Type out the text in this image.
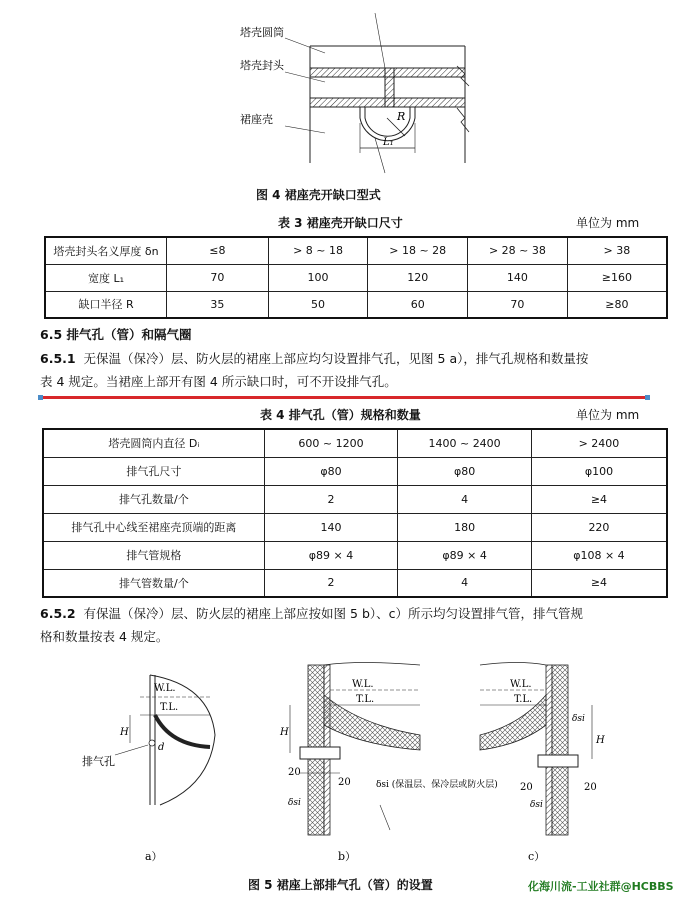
塔壳圆筒
塔壳封头
裙座壳	R
L₁
图 4 裙座壳开缺口型式
表 3 裙座壳开缺口尺寸	单位为 mm
塔壳封头名义厚度 δn	≤8	> 8 ~ 18	> 18 ~ 28	> 28 ~ 38	> 38
宽度 L₁	70	100	120	140	≥160
缺口半径 R	35	50	60	70	≥80
6.5 排气孔（管）和隔气圈
6.5.1 无保温（保冷）层、防火层的裙座上部应均匀设置排气孔，见图 5 a），排气孔规格和数量按
表 4 规定。当裙座上部开有图 4 所示缺口时，可不开设排气孔。
表 4 排气孔（管）规格和数量	单位为 mm
塔壳圆筒内直径 Dᵢ	600 ~ 1200	1400 ~ 2400	> 2400
排气孔尺寸	φ80	φ80	φ100
排气孔数量/个	2	4	≥4
排气孔中心线至裙座壳顶端的距离	140	180	220
排气管规格	φ89 × 4	φ89 × 4	φ108 × 4
排气管数量/个	2	4	≥4
6.5.2 有保温（保冷）层、防火层的裙座上部应按如图 5 b）、c）所示均匀设置排气管，排气管规
格和数量按表 4 规定。
W.L.
T.L.
H
d
排气孔
a）
W.L.
T.L.
H
20
20
δsi
δsi (保温层、保冷层或防火层)
b）
W.L.
T.L.
H
20	20
δsi
δsi
c）
图 5 裙座上部排气孔（管）的设置	化海川流-工业社群@HCBBS
